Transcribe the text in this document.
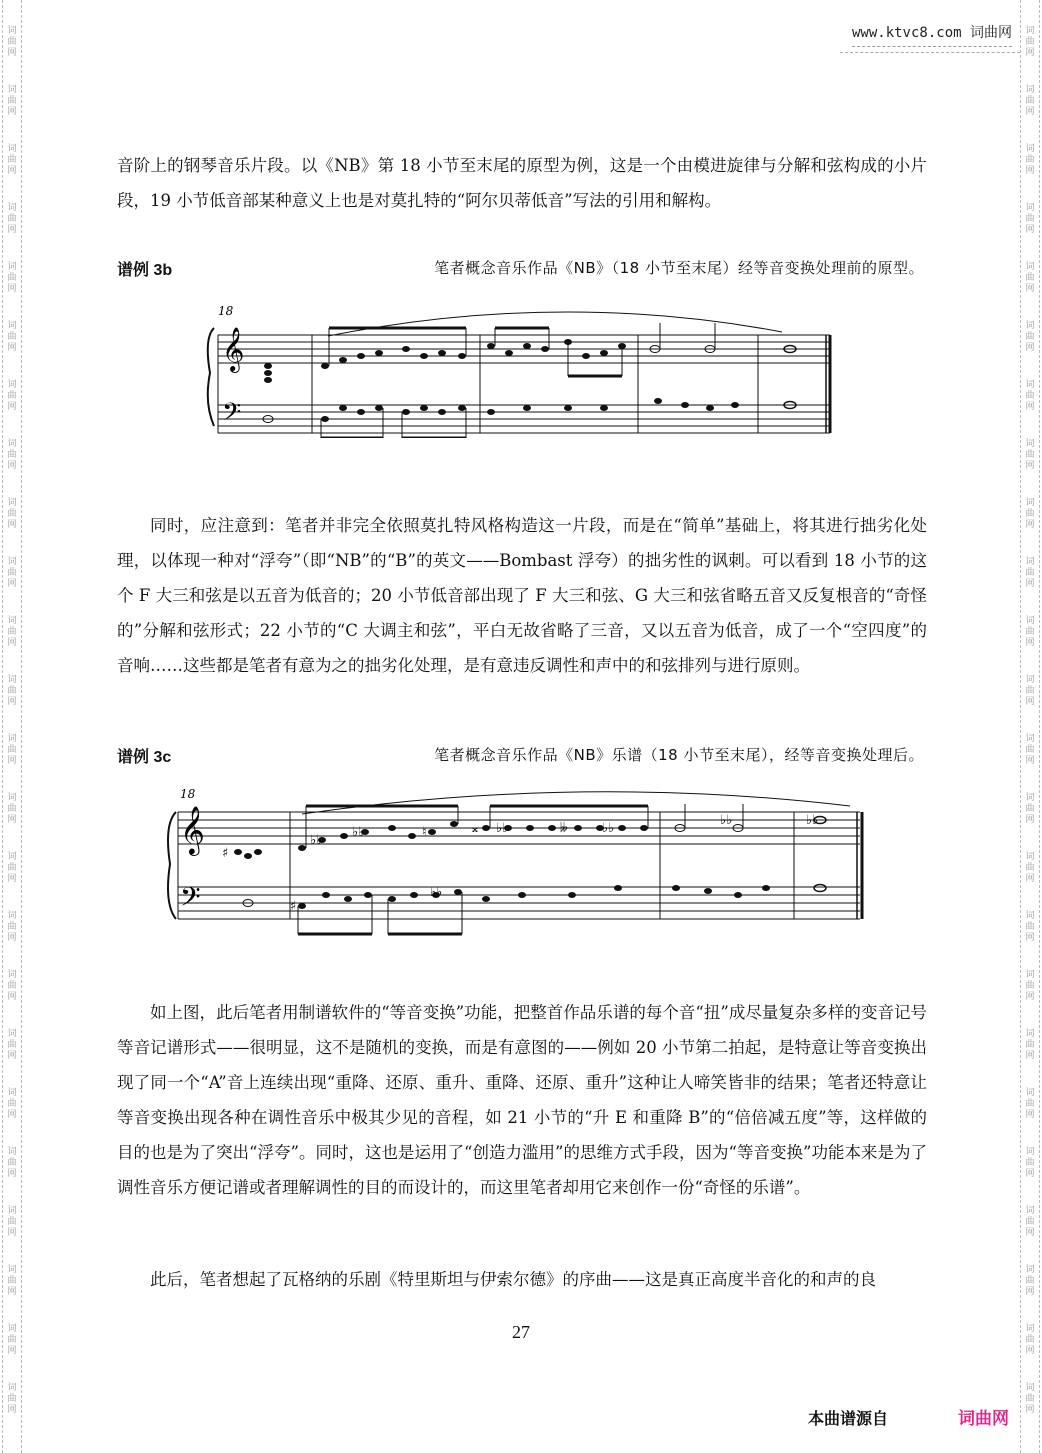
词
曲
网
词
曲
网
词
曲
网
词
曲
网
词
曲
网
词
曲
网
词
曲
网
词
曲
网
词
曲
网
词
曲
网
词
曲
网
词
曲
网
词
曲
网
词
曲
网
词
曲
网
词
曲
网
词
曲
网
词
曲
网
词
曲
网
词
曲
网
词
曲
网
词
曲
网
词
曲
网
词
曲
网
词
曲
网
词
曲
网
词
曲
网
词
曲
网
词
曲
网
词
曲
网
词
曲
网
词
曲
网
词
曲
网
词
曲
网
词
曲
网
词
曲
网
词
曲
网
词
曲
网
词
曲
网
词
曲
网
词
曲
网
词
曲
网
词
曲
网
词
曲
网
词
曲
网
词
曲
网
词
曲
网
词
曲
网
www.ktvc8.com 词曲网

音阶上的钢琴音乐片段。以《NB》第 18 小节至末尾的原型为例，这是一个由模进旋律与分解和弦构成的小片段，19 小节低音部某种意义上也是对莫扎特的“阿尔贝蒂低音”写法的引用和解构。

谱例 3b	笔者概念音乐作品《NB》（18 小节至末尾）经等音变换处理前的原型。
18
𝄞
𝄢

同时，应注意到：笔者并非完全依照莫扎特风格构造这一片段，而是在“简单”基础上，将其进行拙劣化处理，以体现一种对“浮夸”（即“NB”的“B”的英文——Bombast 浮夸）的拙劣性的讽刺。可以看到 18 小节的这个 F 大三和弦是以五音为低音的；20 小节低音部出现了 F 大三和弦、G 大三和弦省略五音又反复根音的“奇怪的”分解和弦形式；22 小节的“C 大调主和弦”，平白无故省略了三音，又以五音为低音，成了一个“空四度”的音响……这些都是笔者有意为之的拙劣化处理，是有意违反调性和声中的和弦排列与进行原则。

谱例 3c	笔者概念音乐作品《NB》乐谱（18 小节至末尾），经等音变换处理后。
18
𝄞
𝄢
♯
♭♭
♭♭	♮	𝄪 ♭♭	𝄫	♭♭
♭♭	♭♭
♯
♭♭

如上图，此后笔者用制谱软件的“等音变换”功能，把整首作品乐谱的每个音“扭”成尽量复杂多样的变音记号等音记谱形式——很明显，这不是随机的变换，而是有意图的——例如 20 小节第二拍起，是特意让等音变换出现了同一个“A”音上连续出现“重降、还原、重升、重降、还原、重升”这种让人啼笑皆非的结果；笔者还特意让等音变换出现各种在调性音乐中极其少见的音程，如 21 小节的“升 E 和重降 B”的“倍倍减五度”等，这样做的目的也是为了突出“浮夸”。同时，这也是运用了“创造力滥用”的思维方式手段，因为“等音变换”功能本来是为了调性音乐方便记谱或者理解调性的目的而设计的，而这里笔者却用它来创作一份“奇怪的乐谱”。

此后，笔者想起了瓦格纳的乐剧《特里斯坦与伊索尔德》的序曲——这是真正高度半音化的和声的良

27
本曲谱源自	词曲网
